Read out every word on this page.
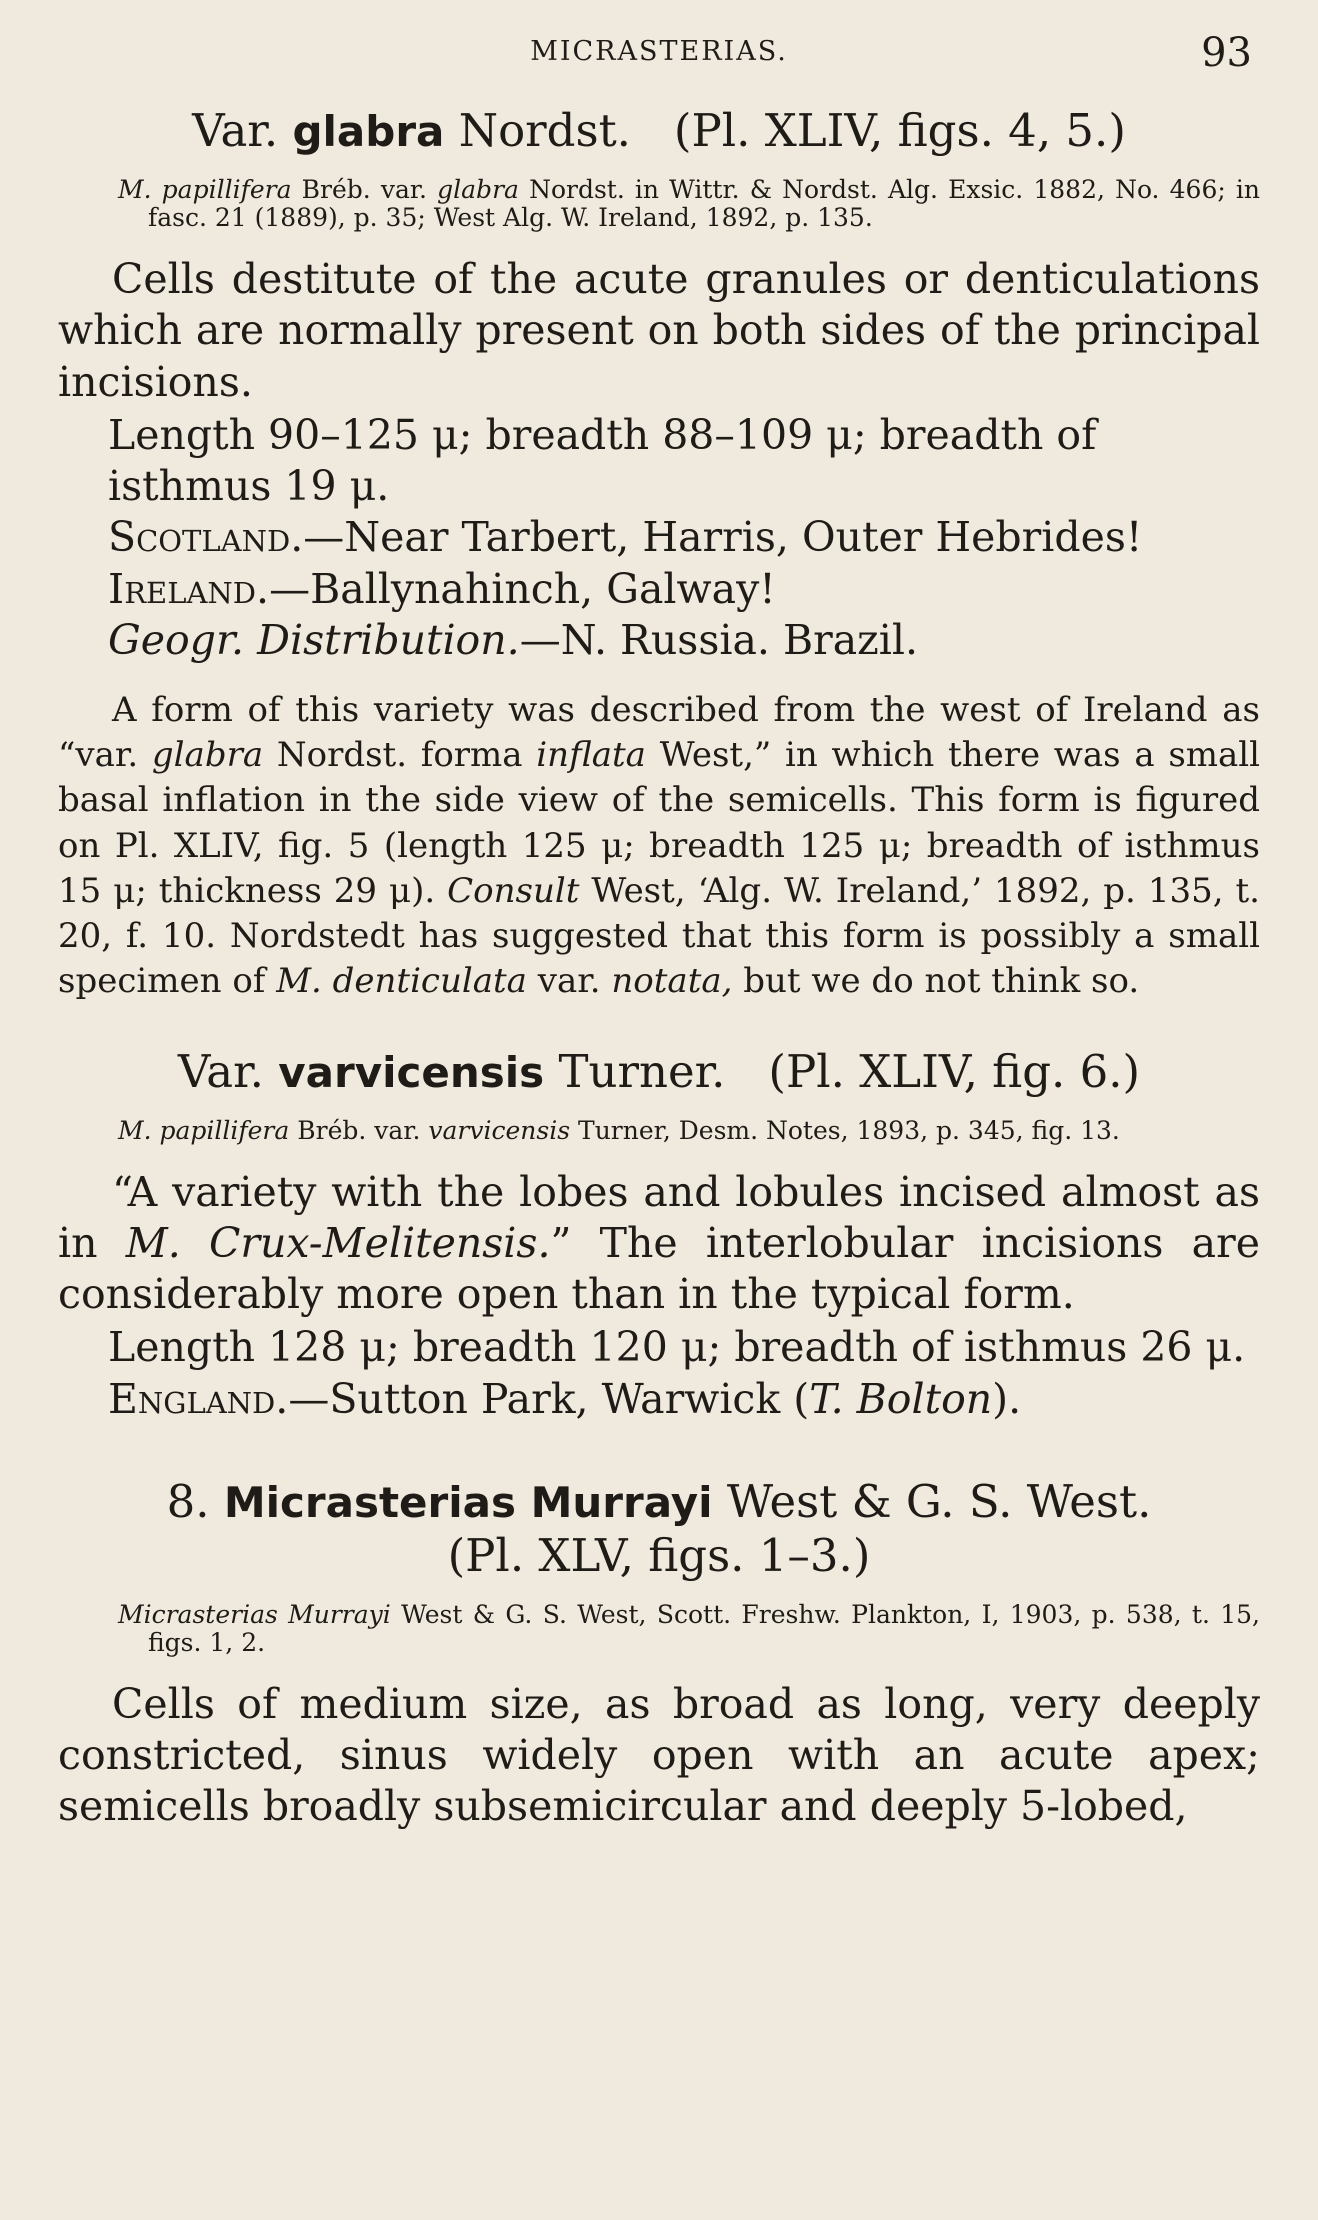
MICRASTERIAS.	93

Var. glabra Nordst. (Pl. XLIV, figs. 4, 5.)

M. papillifera Bréb. var. glabra Nordst. in Wittr. & Nordst. Alg. Exsic. 1882, No. 466; in fasc. 21 (1889), p. 35; West Alg. W. Ireland, 1892, p. 135.

Cells destitute of the acute granules or denticulations which are normally present on both sides of the principal incisions.

Length 90–125 μ; breadth 88–109 μ; breadth of isthmus 19 μ.

Scotland.—Near Tarbert, Harris, Outer Hebrides!

Ireland.—Ballynahinch, Galway!

Geogr. Distribution.—N. Russia. Brazil.

A form of this variety was described from the west of Ireland as “var. glabra Nordst. forma inflata West,” in which there was a small basal inflation in the side view of the semicells. This form is figured on Pl. XLIV, fig. 5 (length 125 μ; breadth 125 μ; breadth of isthmus 15 μ; thickness 29 μ). Consult West, ‘Alg. W. Ireland,’ 1892, p. 135, t. 20, f. 10. Nordstedt has suggested that this form is possibly a small specimen of M. denticulata var. notata, but we do not think so.

Var. varvicensis Turner. (Pl. XLIV, fig. 6.)

M. papillifera Bréb. var. varvicensis Turner, Desm. Notes, 1893, p. 345, fig. 13.

“A variety with the lobes and lobules incised almost as in M. Crux-Melitensis.” The interlobular incisions are considerably more open than in the typical form.

Length 128 μ; breadth 120 μ; breadth of isthmus 26 μ.

England.—Sutton Park, Warwick (T. Bolton).

8. Micrasterias Murrayi West & G. S. West.

(Pl. XLV, figs. 1–3.)

Micrasterias Murrayi West & G. S. West, Scott. Freshw. Plankton, I, 1903, p. 538, t. 15, figs. 1, 2.

Cells of medium size, as broad as long, very deeply constricted, sinus widely open with an acute apex; semicells broadly subsemicircular and deeply 5-lobed,
